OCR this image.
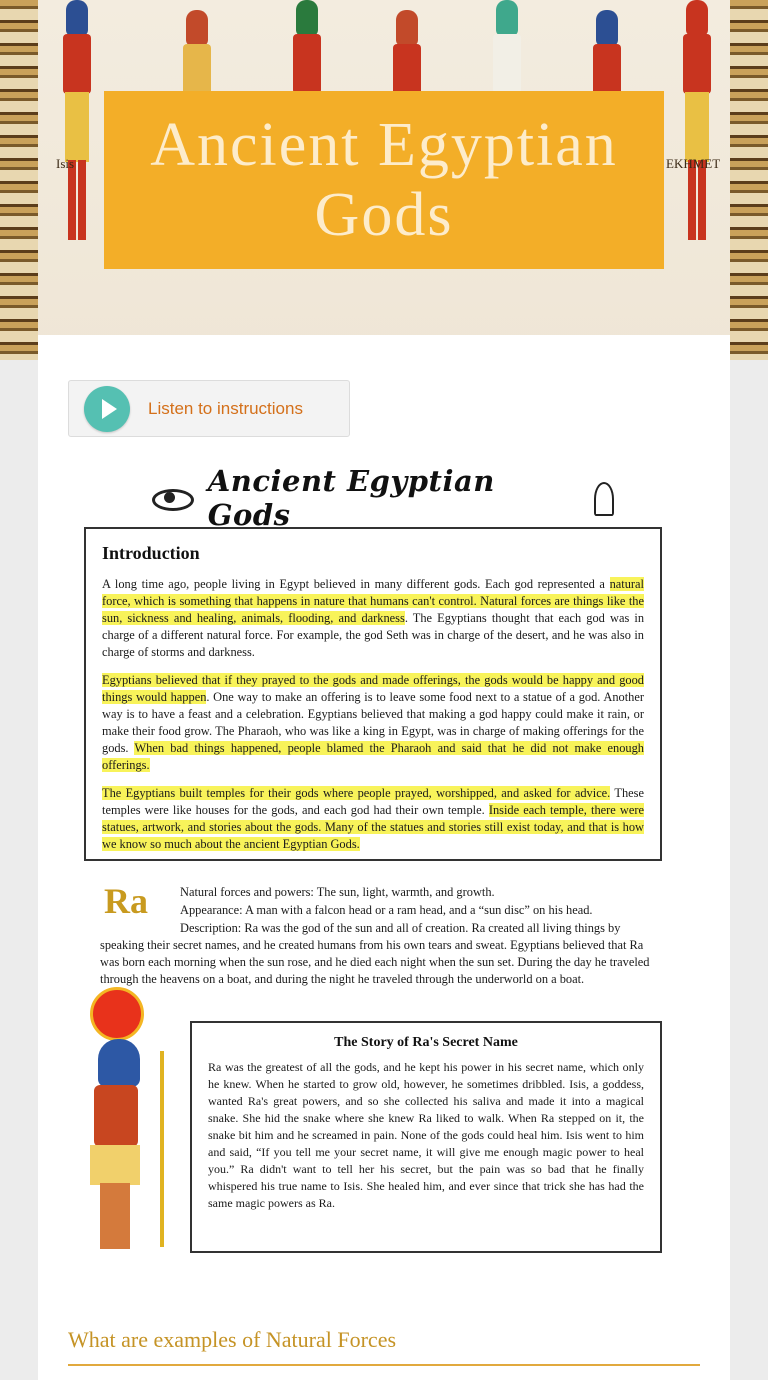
Isis	EKHMET
Ancient Egyptian Gods
Listen to instructions
Ancient Egyptian Gods
Introduction

A long time ago, people living in Egypt believed in many different gods. Each god represented a natural force, which is something that happens in nature that humans can't control. Natural forces are things like the sun, sickness and healing, animals, flooding, and darkness. The Egyptians thought that each god was in charge of a different natural force. For example, the god Seth was in charge of the desert, and he was also in charge of storms and darkness.

Egyptians believed that if they prayed to the gods and made offerings, the gods would be happy and good things would happen. One way to make an offering is to leave some food next to a statue of a god. Another way is to have a feast and a celebration. Egyptians believed that making a god happy could make it rain, or make their food grow. The Pharaoh, who was like a king in Egypt, was in charge of making offerings for the gods. When bad things happened, people blamed the Pharaoh and said that he did not make enough offerings.

The Egyptians built temples for their gods where people prayed, worshipped, and asked for advice. These temples were like houses for the gods, and each god had their own temple. Inside each temple, there were statues, artwork, and stories about the gods. Many of the statues and stories still exist today, and that is how we know so much about the ancient Egyptian Gods.

Ra	Natural forces and powers: The sun, light, warmth, and growth.
Appearance: A man with a falcon head or a ram head, and a “sun disc” on his head.
Description: Ra was the god of the sun and all of creation. Ra created all living things by speaking their secret names, and he created humans from his own tears and sweat. Egyptians believed that Ra was born each morning when the sun rose, and he died each night when the sun set. During the day he traveled through the heavens on a boat, and during the night he traveled through the underworld on a boat.
The Story of Ra's Secret Name

Ra was the greatest of all the gods, and he kept his power in his secret name, which only he knew. When he started to grow old, however, he sometimes dribbled. Isis, a goddess, wanted Ra's great powers, and so she collected his saliva and made it into a magical snake. She hid the snake where she knew Ra liked to walk. When Ra stepped on it, the snake bit him and he screamed in pain. None of the gods could heal him. Isis went to him and said, “If you tell me your secret name, it will give me enough magic power to heal you.” Ra didn't want to tell her his secret, but the pain was so bad that he finally whispered his true name to Isis. She healed him, and ever since that trick she has had the same magic powers as Ra.

What are examples of Natural Forces
